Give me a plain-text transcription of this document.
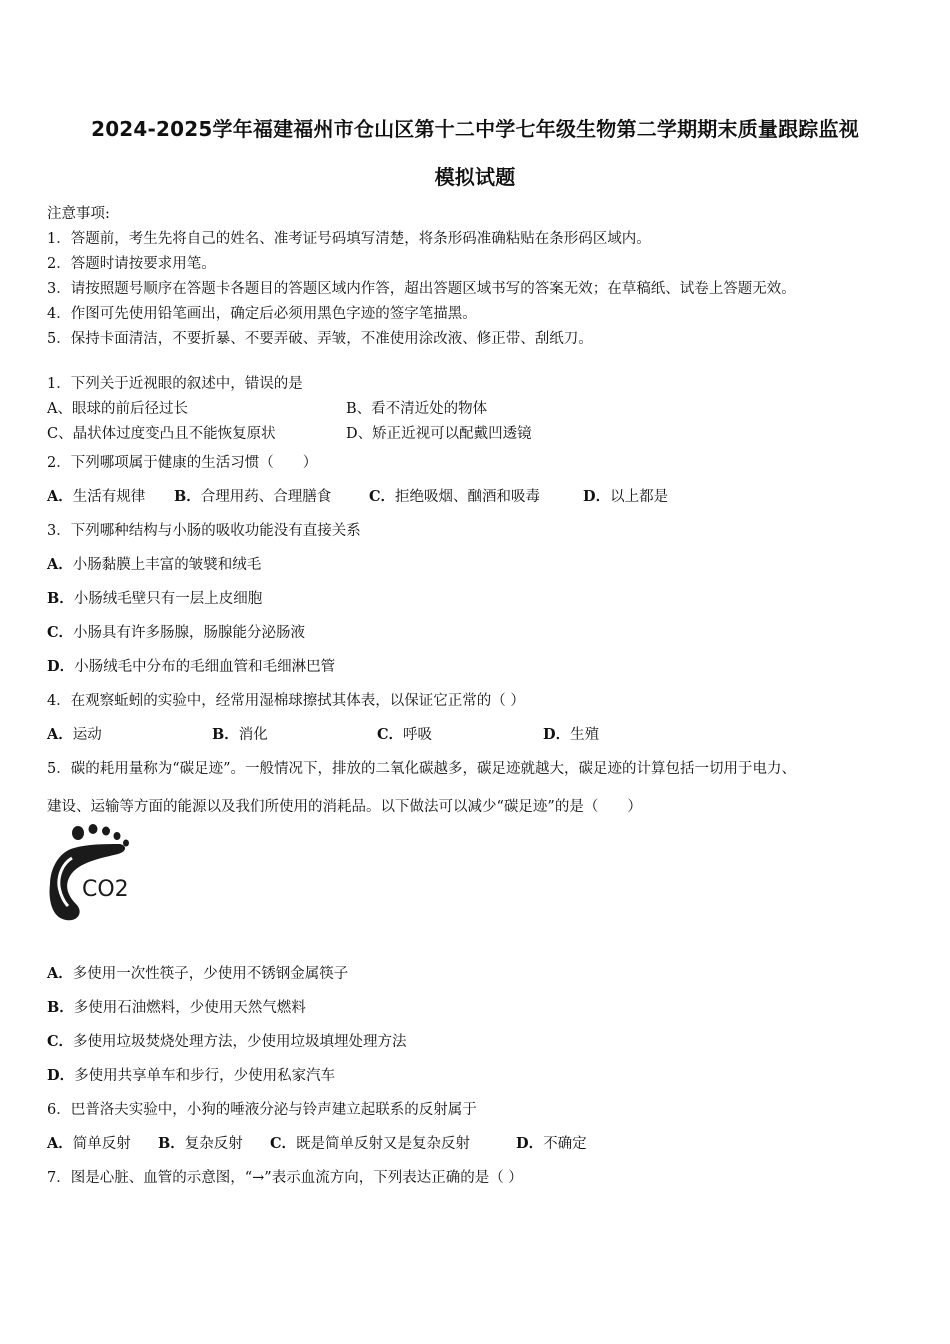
2024-2025学年福建福州市仓山区第十二中学七年级生物第二学期期末质量跟踪监视
模拟试题
注意事项:
1．答题前，考生先将自己的姓名、准考证号码填写清楚，将条形码准确粘贴在条形码区域内。
2．答题时请按要求用笔。
3．请按照题号顺序在答题卡各题目的答题区域内作答，超出答题区域书写的答案无效；在草稿纸、试卷上答题无效。
4．作图可先使用铅笔画出，确定后必须用黑色字迹的签字笔描黑。
5．保持卡面清洁，不要折暴、不要弄破、弄皱，不准使用涂改液、修正带、刮纸刀。
1．下列关于近视眼的叙述中，错误的是
A、眼球的前后径过长	B、看不清近处的物体
C、晶状体过度变凸且不能恢复原状	D、矫正近视可以配戴凹透镜
2．下列哪项属于健康的生活习惯（　　）
A．生活有规律 B．合理用药、合理膳食	C．拒绝吸烟、酗酒和吸毒	D．以上都是
3．下列哪种结构与小肠的吸收功能没有直接关系
A．小肠黏膜上丰富的皱襞和绒毛
B．小肠绒毛壁只有一层上皮细胞
C．小肠具有许多肠腺，肠腺能分泌肠液
D．小肠绒毛中分布的毛细血管和毛细淋巴管
4．在观察蚯蚓的实验中，经常用湿棉球擦拭其体表，以保证它正常的（ ）
A．运动	B．消化	C．呼吸	D．生殖
5．碳的耗用量称为“碳足迹”。一般情况下，排放的二氧化碳越多，碳足迹就越大，碳足迹的计算包括一切用于电力、
建设、运输等方面的能源以及我们所使用的消耗品。以下做法可以减少“碳足迹”的是（　　）
CO2
A．多使用一次性筷子，少使用不锈钢金属筷子
B．多使用石油燃料，少使用天然气燃料
C．多使用垃圾焚烧处理方法，少使用垃圾填埋处理方法
D．多使用共享单车和步行，少使用私家汽车
6．巴普洛夫实验中，小狗的唾液分泌与铃声建立起联系的反射属于
A．简单反射 B．复杂反射 C．既是简单反射又是复杂反射	D．不确定
7．图是心脏、血管的示意图，“→”表示血流方向，下列表达正确的是（ ）
